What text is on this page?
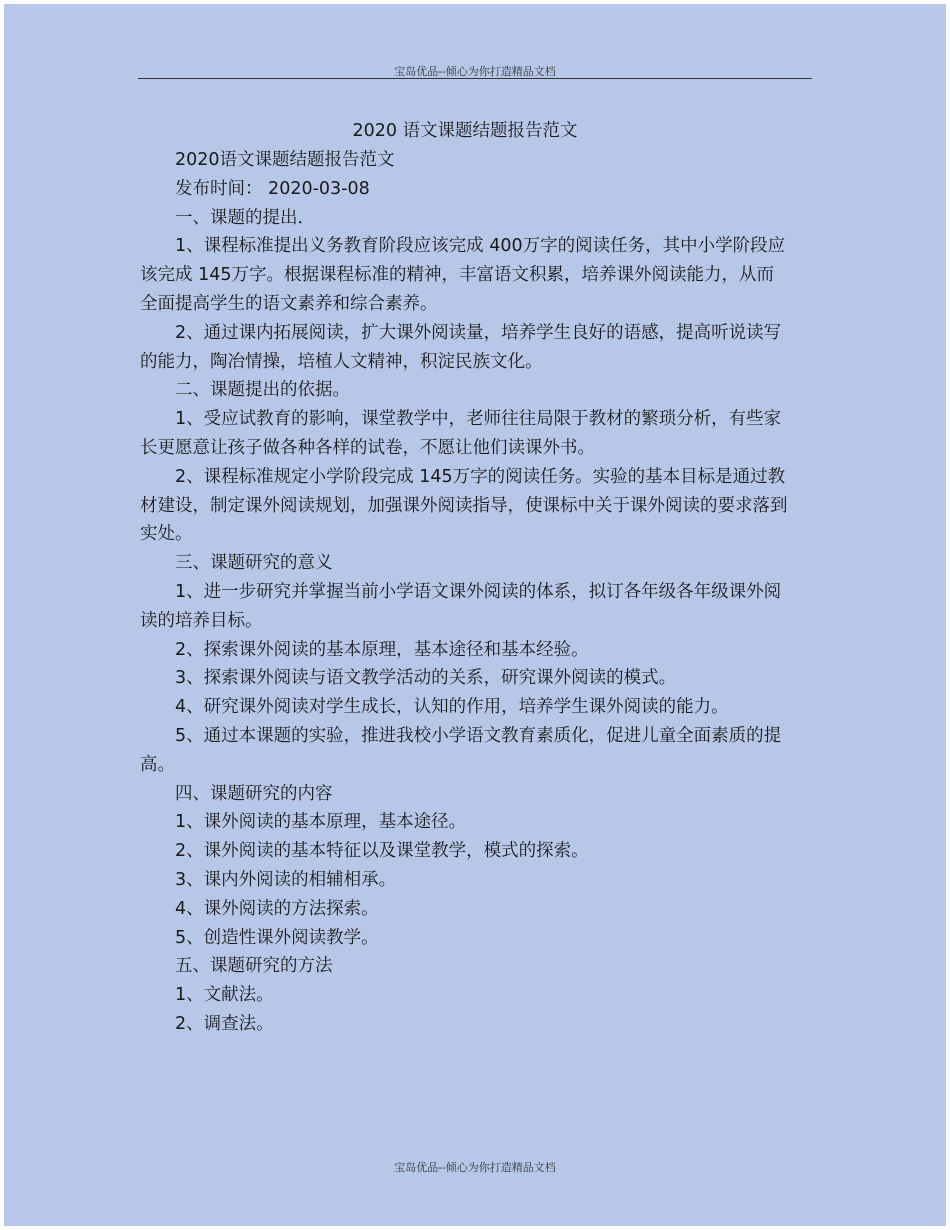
宝岛优品--倾心为你打造精品文档
2020 语文课题结题报告范文

2020语文课题结题报告范文

发布时间： 2020-03-08

一、课题的提出．

1、课程标准提出义务教育阶段应该完成 400万字的阅读任务，其中小学阶段应该完成 145万字。根据课程标准的精神，丰富语文积累，培养课外阅读能力，从而全面提高学生的语文素养和综合素养。

2、通过课内拓展阅读，扩大课外阅读量，培养学生良好的语感，提高听说读写的能力，陶冶情操，培植人文精神，积淀民族文化。

二、课题提出的依据。

1、受应试教育的影响，课堂教学中，老师往往局限于教材的繁琐分析，有些家长更愿意让孩子做各种各样的试卷，不愿让他们读课外书。

2、课程标准规定小学阶段完成 145万字的阅读任务。实验的基本目标是通过教材建设，制定课外阅读规划，加强课外阅读指导，使课标中关于课外阅读的要求落到实处。

三、课题研究的意义

1、进一步研究并掌握当前小学语文课外阅读的体系，拟订各年级各年级课外阅读的培养目标。

2、探索课外阅读的基本原理，基本途径和基本经验。

3、探索课外阅读与语文教学活动的关系，研究课外阅读的模式。

4、研究课外阅读对学生成长，认知的作用，培养学生课外阅读的能力。

5、通过本课题的实验，推进我校小学语文教育素质化，促进儿童全面素质的提高。

四、课题研究的内容

1、课外阅读的基本原理，基本途径。

2、课外阅读的基本特征以及课堂教学，模式的探索。

3、课内外阅读的相辅相承。

4、课外阅读的方法探索。

5、创造性课外阅读教学。

五、课题研究的方法

1、文献法。

2、调查法。

宝岛优品--倾心为你打造精品文档
